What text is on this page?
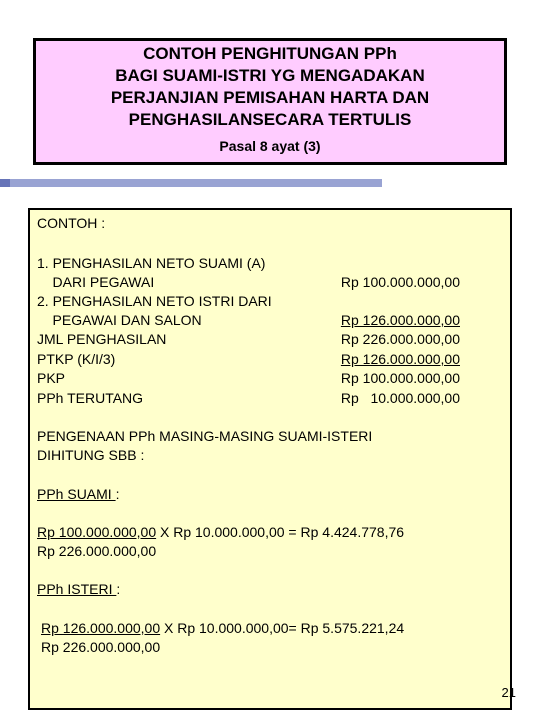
CONTOH PENGHITUNGAN PPh
BAGI SUAMI-ISTRI YG MENGADAKAN
PERJANJIAN PEMISAHAN HARTA DAN
PENGHASILANSECARA TERTULIS
Pasal 8 ayat (3)
CONTOH :
1. PENGHASILAN NETO SUAMI (A)
DARI PEGAWAI	Rp 100.000.000,00
2. PENGHASILAN NETO ISTRI DARI
PEGAWAI DAN SALON	Rp 126.000.000,00
JML PENGHASILAN	Rp 226.000.000,00
PTKP (K/I/3)	Rp 126.000.000,00
PKP	Rp 100.000.000,00
PPh TERUTANG	Rp   10.000.000,00
PENGENAAN PPh MASING-MASING SUAMI-ISTERI
DIHITUNG SBB :
PPh SUAMI :
Rp 100.000.000,00 X Rp 10.000.000,00 = Rp 4.424.778,76
Rp 226.000.000,00
PPh ISTERI :
Rp 126.000.000,00 X Rp 10.000.000,00= Rp 5.575.221,24
Rp 226.000.000,00
21
